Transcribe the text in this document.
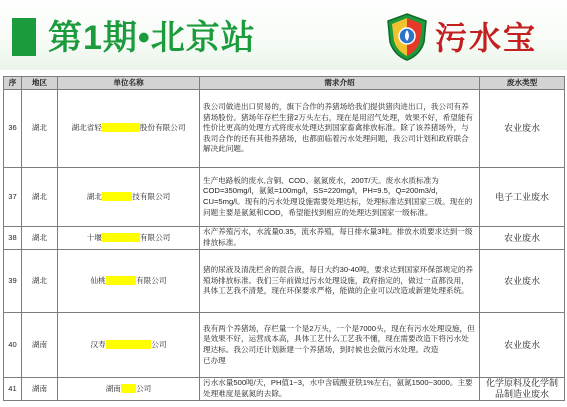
第1期•北京站	污水宝
序	地区	单位名称	需求介绍	废水类型
36	湖北	湖北省轻工集团股份股份有限公司	我公司做进出口贸易的，旗下合作的养猪场给我们提供猪肉进出口，我公司有养猪场股份。猪场年存栏生猪2万头左右，现在是用沼气处理，效果不好，希望能有性价比更高的处理方式将废水处理达到国家畜禽排放标准。除了该养猪场外，与我司合作的还有其他养猪场，也都面临着污水处理问题，我公司计划和政府联合解决此问题。	农业废水
37	湖北	湖北电子科技技有限公司	生产电路板的废水,含铜、COD、氨氮废水，200T/天。废水水质标准为COD=350mg/l，氨氮=100mg/l，SS=220mg/l，PH=9.5，Q=200m3/d，CU=5mg/l。现有的污水处理设施需要处理达标，处理标准达到国家三级。现在的问题主要是氨氮和COD，希望能找到相应的处理达到国家一级标准。	电子工业废水
38	湖北	十堰食品有限公有限公司	水产养殖污水，水流量0.35，流水养殖，每日排水量3吨。排放水质要求达到一级排放标准。	农业废水
39	湖北	仙桃生态养殖有限公司	猪的尿液及清洗栏舍的混合液，每日大约30-40吨，要求达到国家环保部规定的养殖场排放标准。我们三年前做过污水处理设施，政府指定的，做过一直都没用，具体工艺我不清楚，现在环保要求严格，能做的企业可以改造或新建处理系统。	农业废水
40	湖南	汉寿养殖专业合作公司	我有两个养猪场，存栏量一个是2万头，一个是7000头，现在有污水处理设施，但是效果不好，运营成本高，具体工艺什么工艺我不懂，现在需要改造下将污水处理达标。我公司还计划新建一个养猪场，到时候也会做污水处理。改造
已办理	农业废水
41	湖南	湖南化工公司	污水水量500吨/天，PH值1~3，水中含硫酸亚铁1%左右，氨氮1500~3000。主要处理难度是氨氮的去除。	化学原料及化学制品制造业废水
